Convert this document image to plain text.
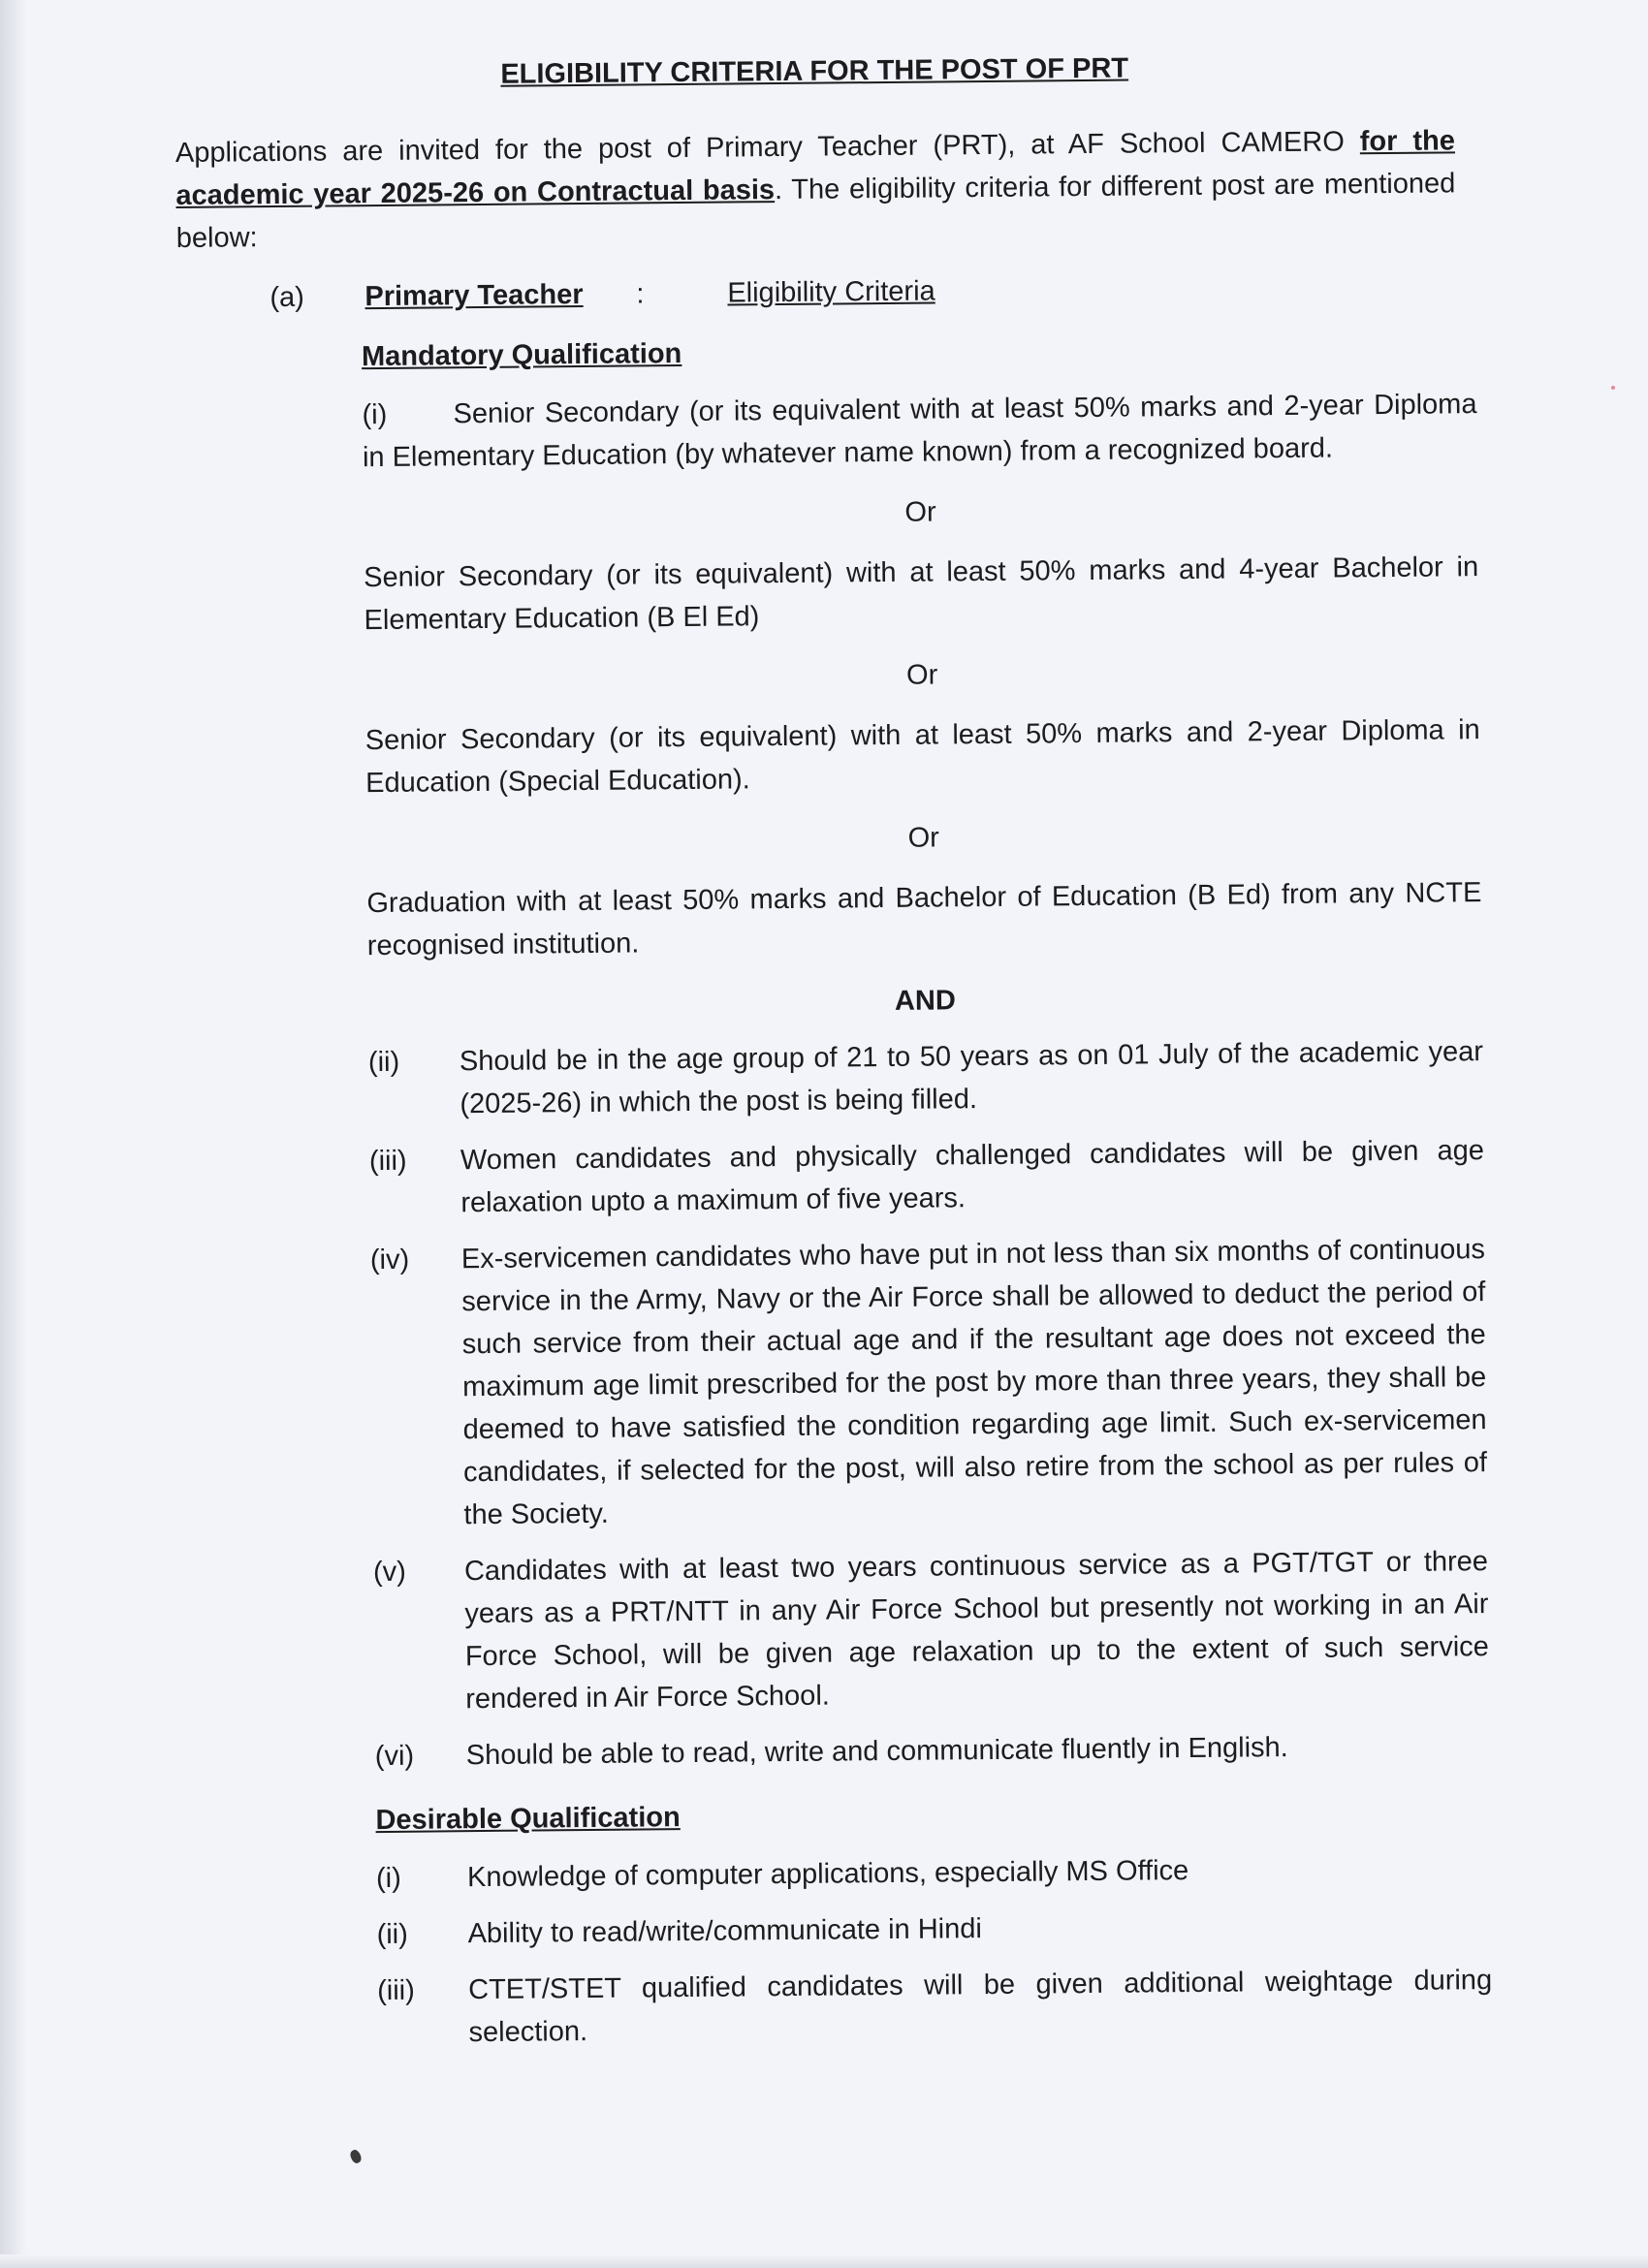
ELIGIBILITY CRITERIA FOR THE POST OF PRT

Applications are invited for the post of Primary Teacher (PRT), at AF School CAMERO for the academic year 2025-26 on Contractual basis. The eligibility criteria for different post are mentioned below:

(a)	Primary Teacher	:	Eligibility Criteria
Mandatory Qualification

(i) Senior Secondary (or its equivalent with at least 50% marks and 2-year Diploma in Elementary Education (by whatever name known) from a recognized board.

Or

Senior Secondary (or its equivalent) with at least 50% marks and 4-year Bachelor in Elementary Education (B El Ed)

Or

Senior Secondary (or its equivalent) with at least 50% marks and 2-year Diploma in Education (Special Education).

Or

Graduation with at least 50% marks and Bachelor of Education (B Ed) from any NCTE recognised institution.

AND
(ii)	Should be in the age group of 21 to 50 years as on 01 July of the academic year (2025-26) in which the post is being filled.
(iii)	Women candidates and physically challenged candidates will be given age relaxation upto a maximum of five years.
(iv)	Ex-servicemen candidates who have put in not less than six months of continuous service in the Army, Navy or the Air Force shall be allowed to deduct the period of such service from their actual age and if the resultant age does not exceed the maximum age limit prescribed for the post by more than three years, they shall be deemed to have satisfied the condition regarding age limit. Such ex-servicemen candidates, if selected for the post, will also retire from the school as per rules of the Society.
(v)	Candidates with at least two years continuous service as a PGT/TGT or three years as a PRT/NTT in any Air Force School but presently not working in an Air Force School, will be given age relaxation up to the extent of such service rendered in Air Force School.
(vi)	Should be able to read, write and communicate fluently in English.
Desirable Qualification
(i)	Knowledge of computer applications, especially MS Office
(ii)	Ability to read/write/communicate in Hindi
(iii)	CTET/STET qualified candidates will be given additional weightage during selection.
